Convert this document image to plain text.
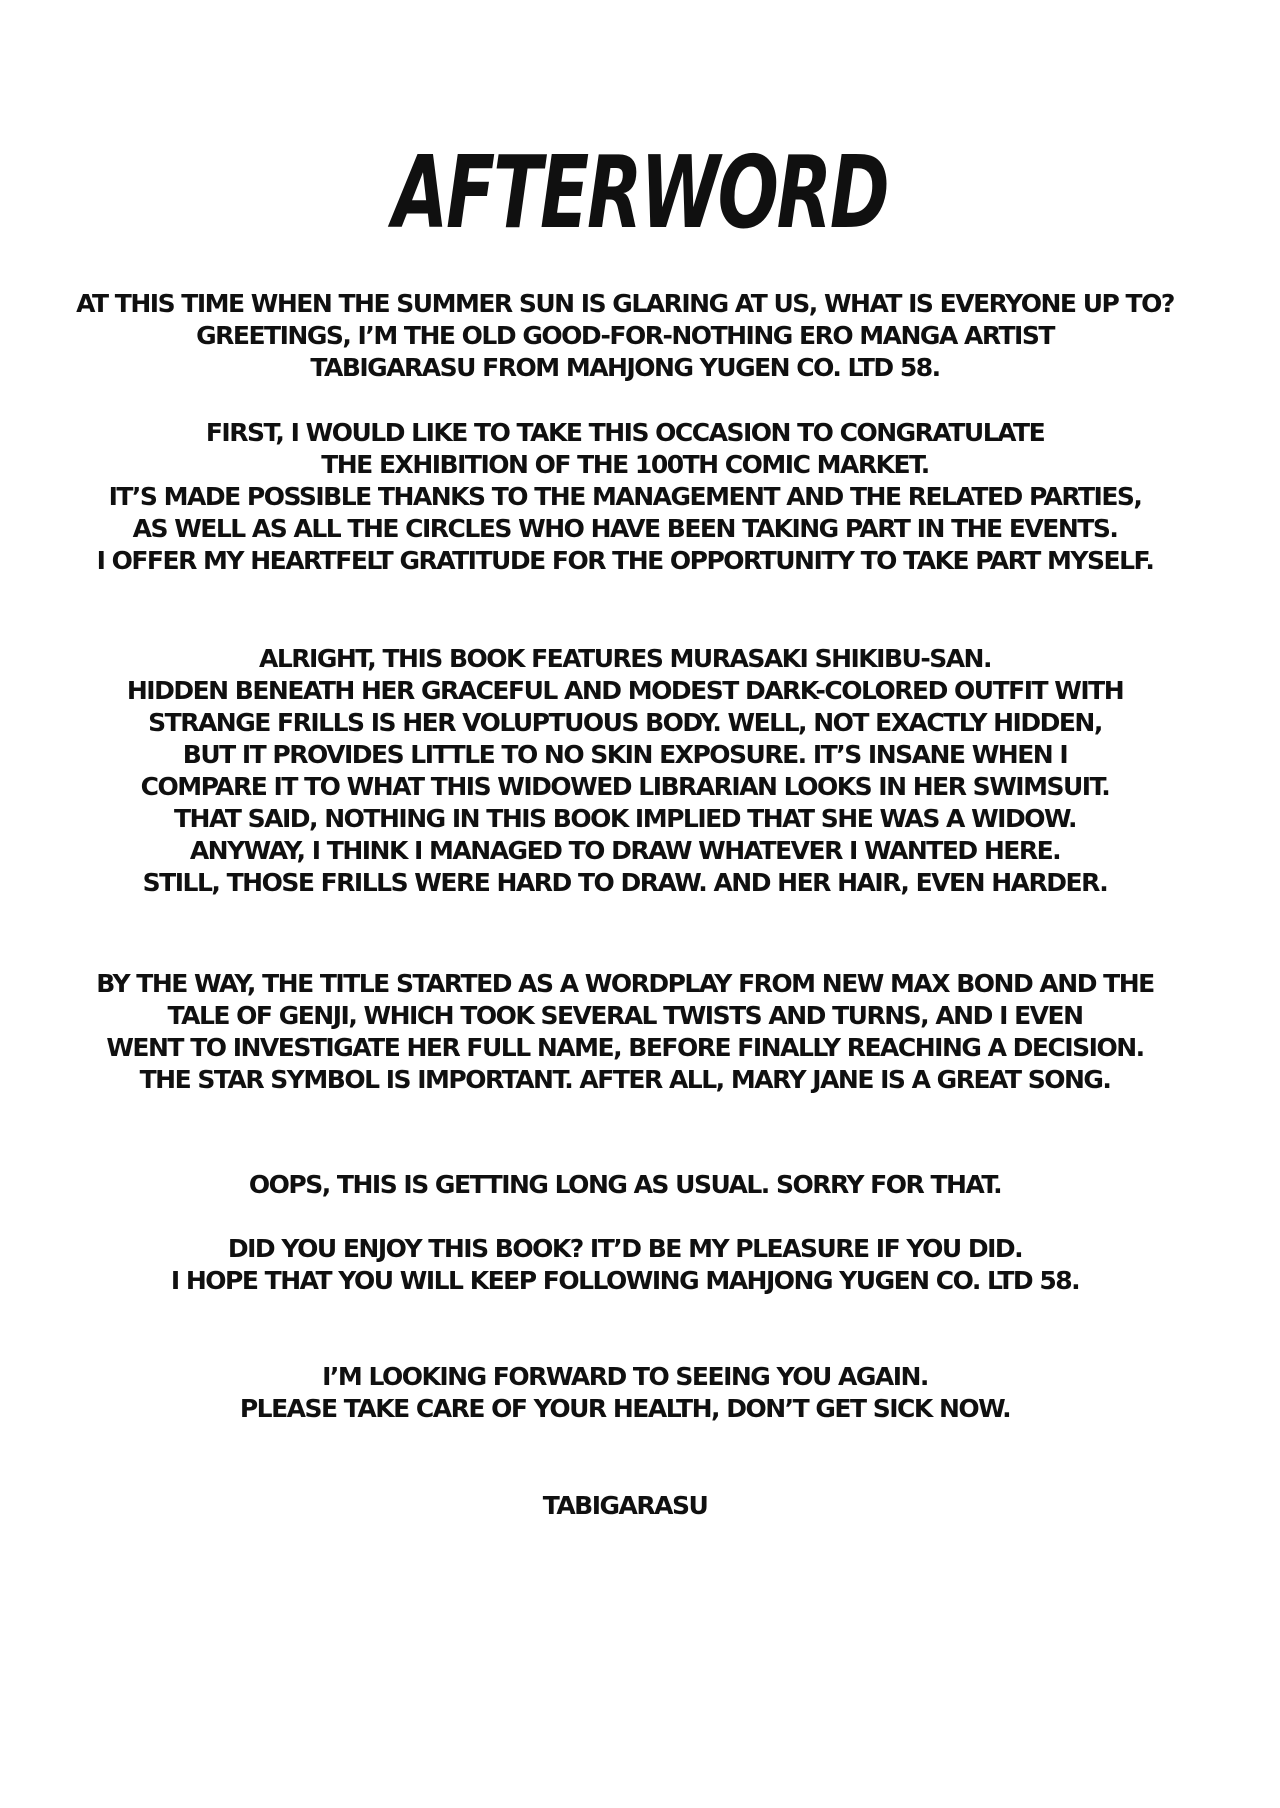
AFTERWORD
AT THIS TIME WHEN THE SUMMER SUN IS GLARING AT US, WHAT IS EVERYONE UP TO?
GREETINGS, I’M THE OLD GOOD-FOR-NOTHING ERO MANGA ARTIST
TABIGARASU FROM MAHJONG YUGEN CO. LTD 58.
FIRST, I WOULD LIKE TO TAKE THIS OCCASION TO CONGRATULATE
THE EXHIBITION OF THE 100TH COMIC MARKET.
IT’S MADE POSSIBLE THANKS TO THE MANAGEMENT AND THE RELATED PARTIES,
AS WELL AS ALL THE CIRCLES WHO HAVE BEEN TAKING PART IN THE EVENTS.
I OFFER MY HEARTFELT GRATITUDE FOR THE OPPORTUNITY TO TAKE PART MYSELF.
ALRIGHT, THIS BOOK FEATURES MURASAKI SHIKIBU-SAN.
HIDDEN BENEATH HER GRACEFUL AND MODEST DARK-COLORED OUTFIT WITH
STRANGE FRILLS IS HER VOLUPTUOUS BODY. WELL, NOT EXACTLY HIDDEN,
BUT IT PROVIDES LITTLE TO NO SKIN EXPOSURE. IT’S INSANE WHEN I
COMPARE IT TO WHAT THIS WIDOWED LIBRARIAN LOOKS IN HER SWIMSUIT.
THAT SAID, NOTHING IN THIS BOOK IMPLIED THAT SHE WAS A WIDOW.
ANYWAY, I THINK I MANAGED TO DRAW WHATEVER I WANTED HERE.
STILL, THOSE FRILLS WERE HARD TO DRAW. AND HER HAIR, EVEN HARDER.
BY THE WAY, THE TITLE STARTED AS A WORDPLAY FROM NEW MAX BOND AND THE
TALE OF GENJI, WHICH TOOK SEVERAL TWISTS AND TURNS, AND I EVEN
WENT TO INVESTIGATE HER FULL NAME, BEFORE FINALLY REACHING A DECISION.
THE STAR SYMBOL IS IMPORTANT. AFTER ALL, MARY JANE IS A GREAT SONG.
OOPS, THIS IS GETTING LONG AS USUAL. SORRY FOR THAT.
DID YOU ENJOY THIS BOOK? IT’D BE MY PLEASURE IF YOU DID.
I HOPE THAT YOU WILL KEEP FOLLOWING MAHJONG YUGEN CO. LTD 58.
I’M LOOKING FORWARD TO SEEING YOU AGAIN.
PLEASE TAKE CARE OF YOUR HEALTH, DON’T GET SICK NOW.
TABIGARASU
